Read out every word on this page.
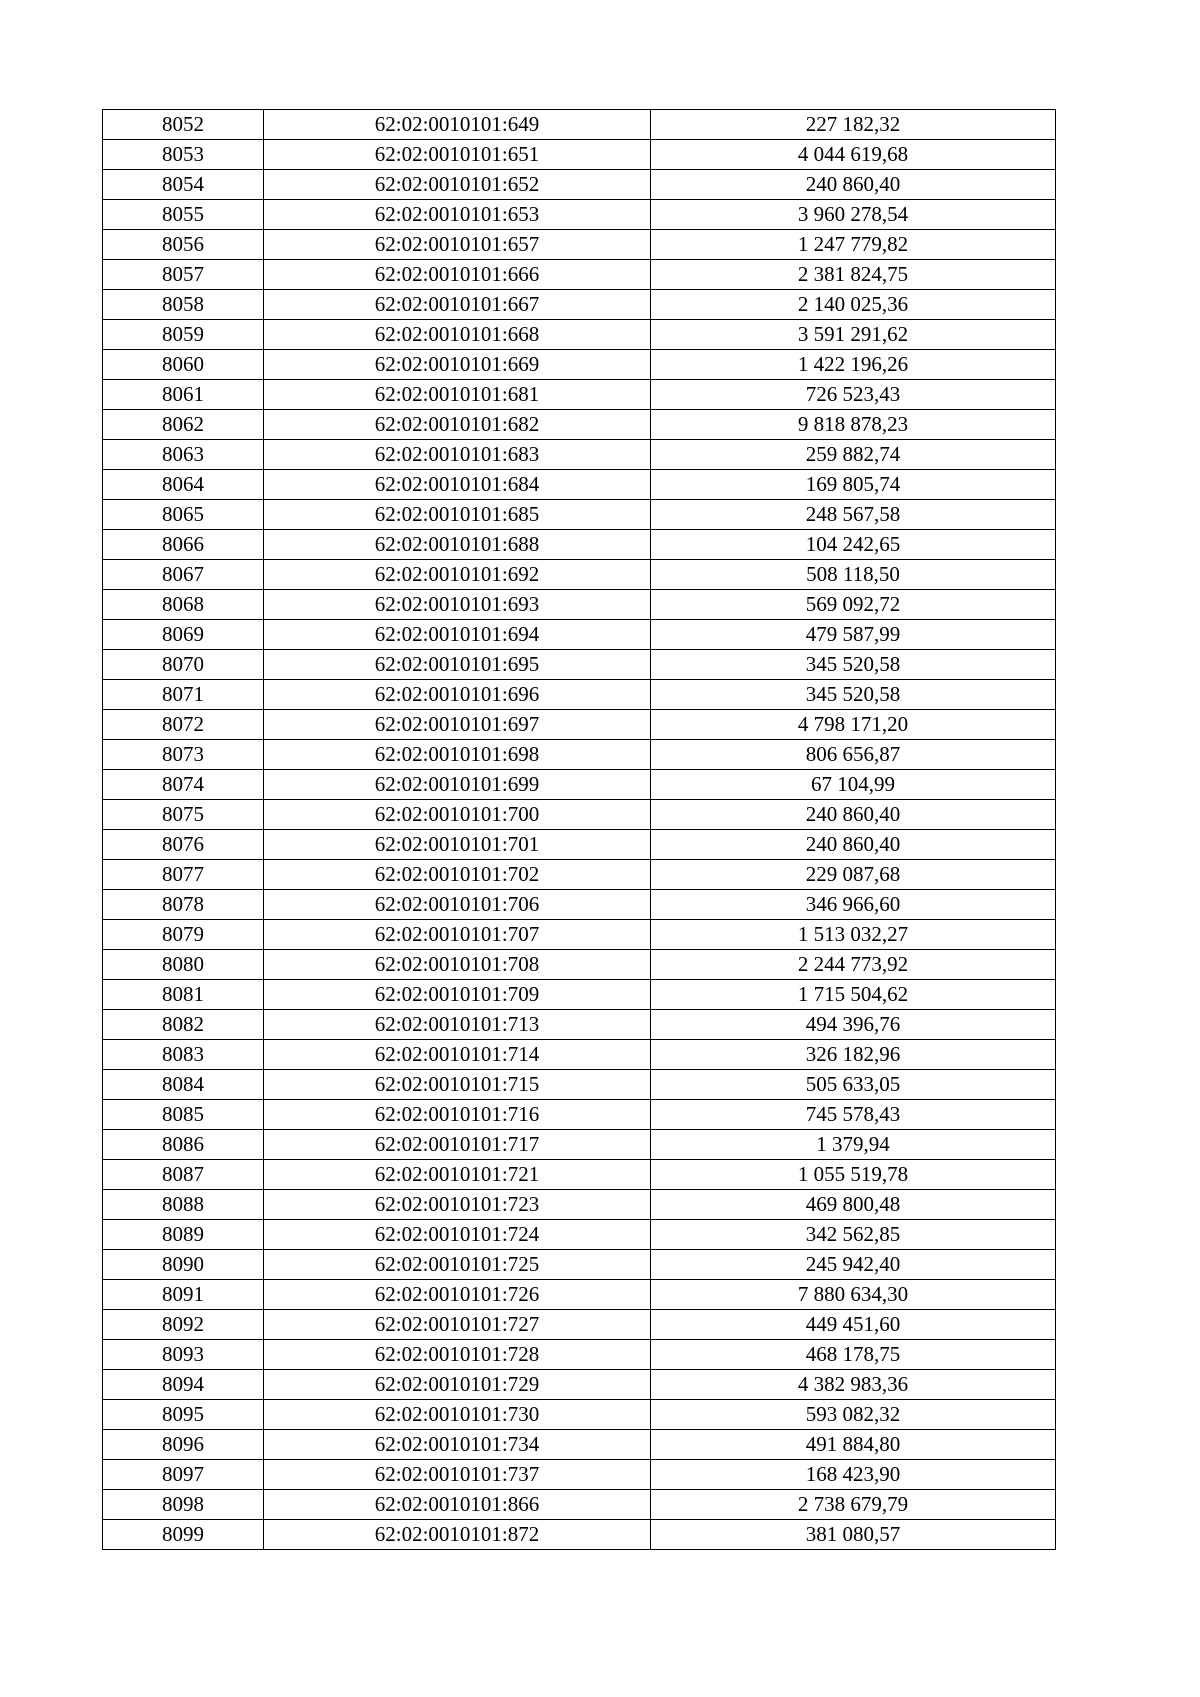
8052	62:02:0010101:649	227 182,32
8053	62:02:0010101:651	4 044 619,68
8054	62:02:0010101:652	240 860,40
8055	62:02:0010101:653	3 960 278,54
8056	62:02:0010101:657	1 247 779,82
8057	62:02:0010101:666	2 381 824,75
8058	62:02:0010101:667	2 140 025,36
8059	62:02:0010101:668	3 591 291,62
8060	62:02:0010101:669	1 422 196,26
8061	62:02:0010101:681	726 523,43
8062	62:02:0010101:682	9 818 878,23
8063	62:02:0010101:683	259 882,74
8064	62:02:0010101:684	169 805,74
8065	62:02:0010101:685	248 567,58
8066	62:02:0010101:688	104 242,65
8067	62:02:0010101:692	508 118,50
8068	62:02:0010101:693	569 092,72
8069	62:02:0010101:694	479 587,99
8070	62:02:0010101:695	345 520,58
8071	62:02:0010101:696	345 520,58
8072	62:02:0010101:697	4 798 171,20
8073	62:02:0010101:698	806 656,87
8074	62:02:0010101:699	67 104,99
8075	62:02:0010101:700	240 860,40
8076	62:02:0010101:701	240 860,40
8077	62:02:0010101:702	229 087,68
8078	62:02:0010101:706	346 966,60
8079	62:02:0010101:707	1 513 032,27
8080	62:02:0010101:708	2 244 773,92
8081	62:02:0010101:709	1 715 504,62
8082	62:02:0010101:713	494 396,76
8083	62:02:0010101:714	326 182,96
8084	62:02:0010101:715	505 633,05
8085	62:02:0010101:716	745 578,43
8086	62:02:0010101:717	1 379,94
8087	62:02:0010101:721	1 055 519,78
8088	62:02:0010101:723	469 800,48
8089	62:02:0010101:724	342 562,85
8090	62:02:0010101:725	245 942,40
8091	62:02:0010101:726	7 880 634,30
8092	62:02:0010101:727	449 451,60
8093	62:02:0010101:728	468 178,75
8094	62:02:0010101:729	4 382 983,36
8095	62:02:0010101:730	593 082,32
8096	62:02:0010101:734	491 884,80
8097	62:02:0010101:737	168 423,90
8098	62:02:0010101:866	2 738 679,79
8099	62:02:0010101:872	381 080,57
